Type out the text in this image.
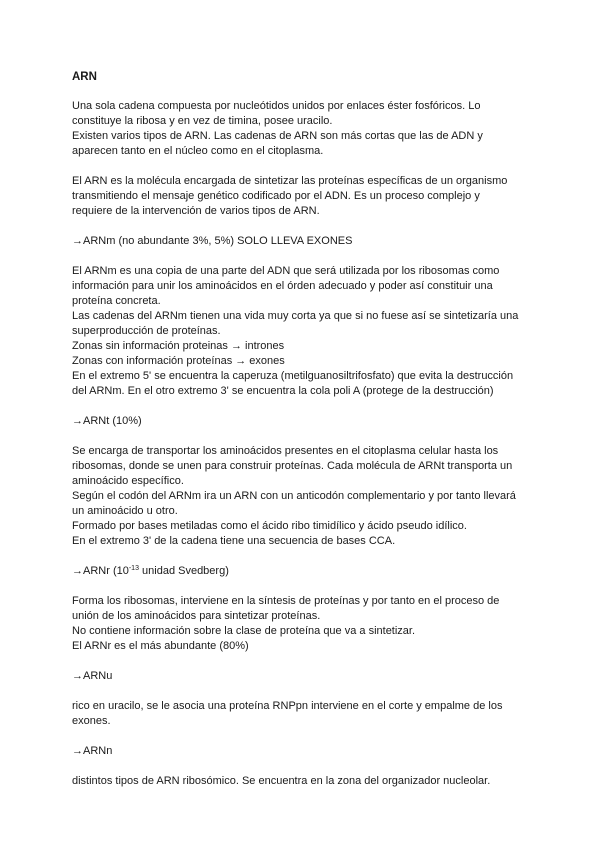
ARN
Una sola cadena compuesta por nucleótidos unidos por enlaces éster fosfóricos. Lo
constituye la ribosa y en vez de timina, posee uracilo.
Existen varios tipos de ARN. Las cadenas de ARN son más cortas que las de ADN y
aparecen tanto en el núcleo como en el citoplasma.
El ARN es la molécula encargada de sintetizar las proteínas específicas de un organismo
transmitiendo el mensaje genético codificado por el ADN. Es un proceso complejo y
requiere de la intervención de varios tipos de ARN.
→ARNm (no abundante 3%, 5%) SOLO LLEVA EXONES
El ARNm es una copia de una parte del ADN que será utilizada por los ribosomas como
información para unir los aminoácidos en el órden adecuado y poder así constituir una
proteína concreta.
Las cadenas del ARNm tienen una vida muy corta ya que si no fuese así se sintetizaría una
superproducción de proteínas.
Zonas sin información proteinas → intrones
Zonas con información proteínas → exones
En el extremo 5' se encuentra la caperuza (metilguanosiltrifosfato) que evita la destrucción
del ARNm. En el otro extremo 3' se encuentra la cola poli A (protege de la destrucción)
→ARNt (10%)
Se encarga de transportar los aminoácidos presentes en el citoplasma celular hasta los
ribosomas, donde se unen para construir proteínas. Cada molécula de ARNt transporta un
aminoácido específico.
Según el codón del ARNm ira un ARN con un anticodón complementario y por tanto llevará
un aminoácido u otro.
Formado por bases metiladas como el ácido ribo timidílico y ácido pseudo idílico.
En el extremo 3' de la cadena tiene una secuencia de bases CCA.
→ARNr ($10^{-13}$ unidad Svedberg)
Forma los ribosomas, interviene en la síntesis de proteínas y por tanto en el proceso de
unión de los aminoácidos para sintetizar proteínas.
No contiene información sobre la clase de proteína que va a sintetizar.
El ARNr es el más abundante (80%)
→ARNu
rico en uracilo, se le asocia una proteína RNPpn interviene en el corte y empalme de los
exones.
→ARNn
distintos tipos de ARN ribosómico. Se encuentra en la zona del organizador nucleolar.
